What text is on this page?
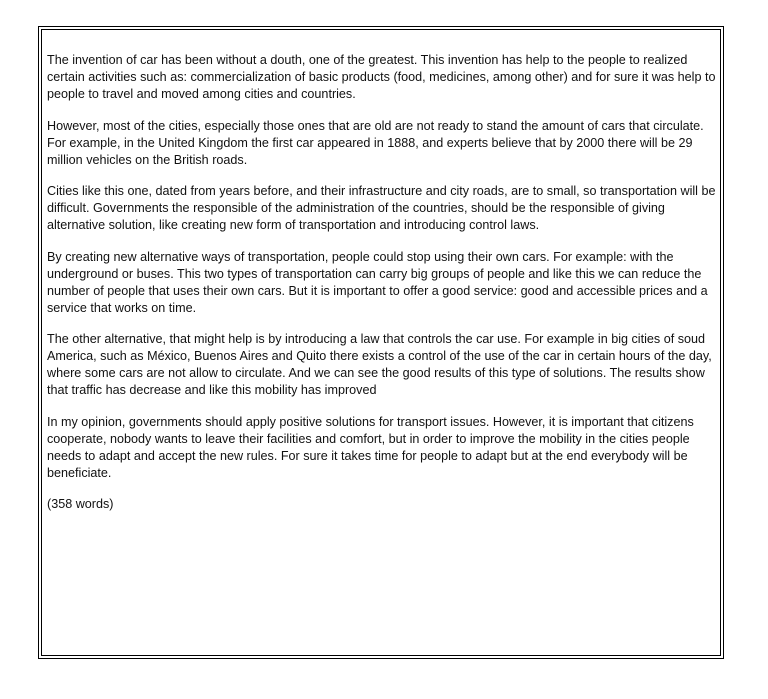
The invention of car has been without a douth, one of the greatest. This invention has help to the people to realized certain activities such as: commercialization of basic products (food, medicines, among other) and for sure it was help to people to travel and moved among cities and countries.

However, most of the cities, especially those ones that are old are not ready to stand the amount of cars that circulate. For example, in the United Kingdom the first car appeared in 1888, and experts believe that by 2000 there will be 29 million vehicles on the British roads.

Cities like this one, dated from years before, and their infrastructure and city roads, are to small, so transportation will be difficult. Governments the responsible of the administration of the countries, should be the responsible of giving alternative solution, like creating new form of transportation and introducing control laws.

By creating new alternative ways of transportation, people could stop using their own cars. For example: with the underground or buses. This two types of transportation can carry big groups of people and like this we can reduce the number of people that uses their own cars. But it is important to offer a good service: good and accessible prices and a service that works on time.

The other alternative, that might help is by introducing a law that controls the car use. For example in big cities of soud America, such as México, Buenos Aires and Quito there exists a control of the use of the car in certain hours of the day, where some cars are not allow to circulate. And we can see the good results of this type of solutions. The results show that traffic has decrease and like this mobility has improved

In my opinion, governments should apply positive solutions for transport issues. However, it is important that citizens cooperate, nobody wants to leave their facilities and comfort, but in order to improve the mobility in the cities people needs to adapt and accept the new rules. For sure it takes time for people to adapt but at the end everybody will be beneficiate.

(358 words)
